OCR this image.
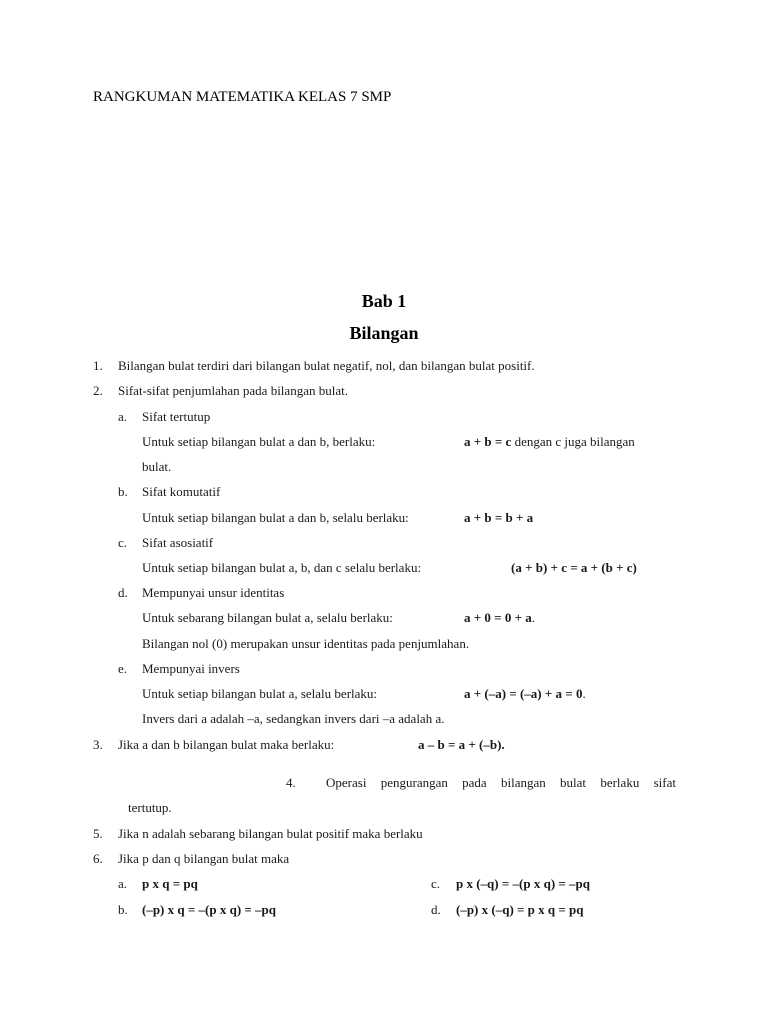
RANGKUMAN MATEMATIKA KELAS 7 SMP
Bab 1
Bilangan
1. Bilangan bulat terdiri dari bilangan bulat negatif, nol, dan bilangan bulat positif.
2. Sifat-sifat penjumlahan pada bilangan bulat.
a. Sifat tertutup
Untuk setiap bilangan bulat a dan b, berlaku:	a + b = c dengan c juga bilangan
bulat.
b. Sifat komutatif
Untuk setiap bilangan bulat a dan b, selalu berlaku:	a + b = b + a
c. Sifat asosiatif
Untuk setiap bilangan bulat a, b, dan c selalu berlaku:	(a + b) + c = a + (b + c)
d. Mempunyai unsur identitas
Untuk sebarang bilangan bulat a, selalu berlaku:	a + 0 = 0 + a.
Bilangan nol (0) merupakan unsur identitas pada penjumlahan.
e. Mempunyai invers
Untuk setiap bilangan bulat a, selalu berlaku:	a + (–a) = (–a) + a = 0.
Invers dari a adalah –a, sedangkan invers dari –a adalah a.
3. Jika a dan b bilangan bulat maka berlaku:	a – b = a + (–b).
4. Operasi pengurangan pada bilangan bulat berlaku sifat
tertutup.
5. Jika n adalah sebarang bilangan bulat positif maka berlaku
6. Jika p dan q bilangan bulat maka
a. p x q = pq	c. p x (–q) = –(p x q) = –pq
b. (–p) x q = –(p x q) = –pq	d. (–p) x (–q) = p x q = pq
